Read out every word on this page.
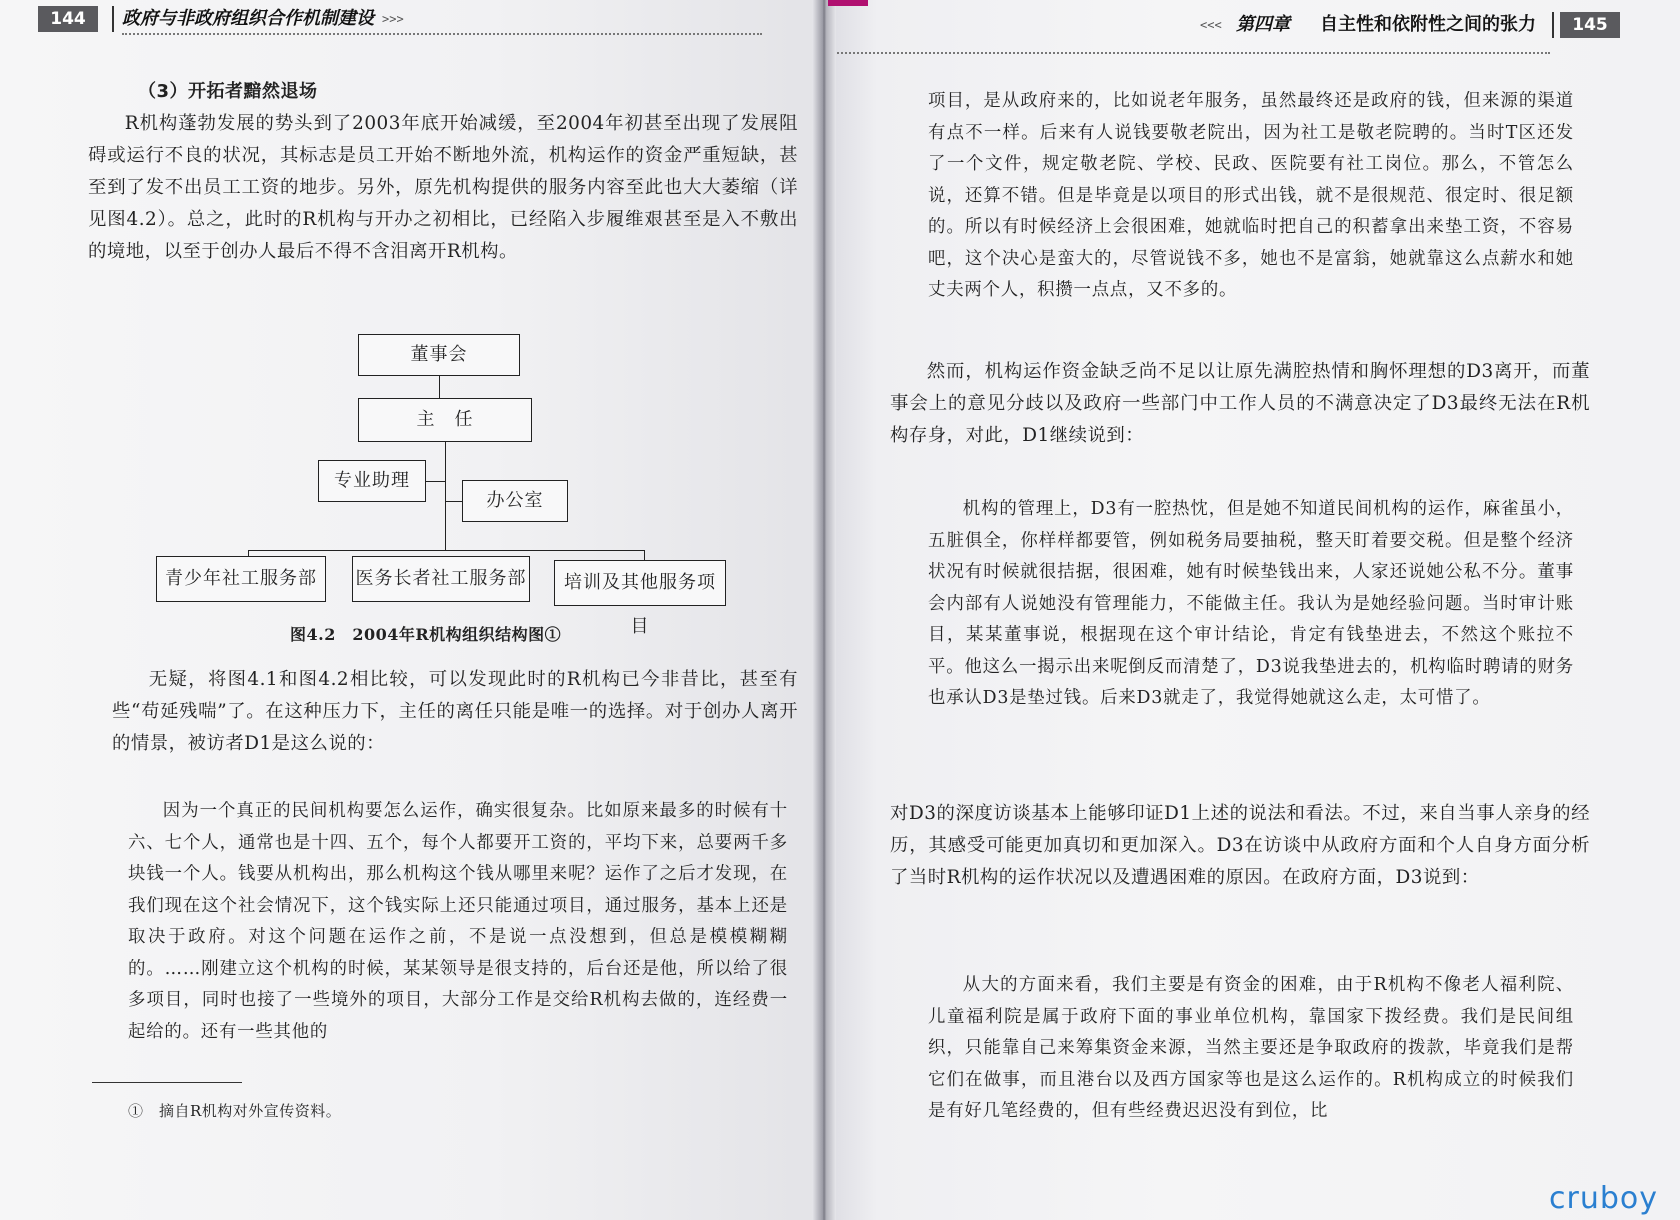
144	政府与非政府组织合作机制建设 >>>

（3）开拓者黯然退场

R机构蓬勃发展的势头到了2003年底开始减缓，至2004年初甚至出现了发展阻碍或运行不良的状况，其标志是员工开始不断地外流，机构运作的资金严重短缺，甚至到了发不出员工工资的地步。另外，原先机构提供的服务内容至此也大大萎缩（详见图4.2）。总之，此时的R机构与开办之初相比，已经陷入步履维艰甚至是入不敷出的境地，以至于创办人最后不得不含泪离开R机构。

董事会
主　任
专业助理
办公室
青少年社工服务部	医务长者社工服务部	培训及其他服务项目
图4.2　2004年R机构组织结构图①

无疑，将图4.1和图4.2相比较，可以发现此时的R机构已今非昔比，甚至有些“苟延残喘”了。在这种压力下，主任的离任只能是唯一的选择。对于创办人离开的情景，被访者D1是这么说的：

因为一个真正的民间机构要怎么运作，确实很复杂。比如原来最多的时候有十六、七个人，通常也是十四、五个，每个人都要开工资的，平均下来，总要两千多块钱一个人。钱要从机构出，那么机构这个钱从哪里来呢？运作了之后才发现，在我们现在这个社会情况下，这个钱实际上还只能通过项目，通过服务，基本上还是取决于政府。对这个问题在运作之前，不是说一点没想到，但总是模模糊糊的。……刚建立这个机构的时候，某某领导是很支持的，后台还是他，所以给了很多项目，同时也接了一些境外的项目，大部分工作是交给R机构去做的，连经费一起给的。还有一些其他的

①　摘自R机构对外宣传资料。
<<< 第四章 自主性和依附性之间的张力	145

项目，是从政府来的，比如说老年服务，虽然最终还是政府的钱，但来源的渠道有点不一样。后来有人说钱要敬老院出，因为社工是敬老院聘的。当时T区还发了一个文件，规定敬老院、学校、民政、医院要有社工岗位。那么，不管怎么说，还算不错。但是毕竟是以项目的形式出钱，就不是很规范、很定时、很足额的。所以有时候经济上会很困难，她就临时把自己的积蓄拿出来垫工资，不容易吧，这个决心是蛮大的，尽管说钱不多，她也不是富翁，她就靠这么点薪水和她丈夫两个人，积攒一点点，又不多的。

然而，机构运作资金缺乏尚不足以让原先满腔热情和胸怀理想的D3离开，而董事会上的意见分歧以及政府一些部门中工作人员的不满意决定了D3最终无法在R机构存身，对此，D1继续说到：

机构的管理上，D3有一腔热忱，但是她不知道民间机构的运作，麻雀虽小，五脏俱全，你样样都要管，例如税务局要抽税，整天盯着要交税。但是整个经济状况有时候就很拮据，很困难，她有时候垫钱出来，人家还说她公私不分。董事会内部有人说她没有管理能力，不能做主任。我认为是她经验问题。当时审计账目，某某董事说，根据现在这个审计结论，肯定有钱垫进去，不然这个账拉不平。他这么一揭示出来呢倒反而清楚了，D3说我垫进去的，机构临时聘请的财务也承认D3是垫过钱。后来D3就走了，我觉得她就这么走，太可惜了。

对D3的深度访谈基本上能够印证D1上述的说法和看法。不过，来自当事人亲身的经历，其感受可能更加真切和更加深入。D3在访谈中从政府方面和个人自身方面分析了当时R机构的运作状况以及遭遇困难的原因。在政府方面，D3说到：

从大的方面来看，我们主要是有资金的困难，由于R机构不像老人福利院、儿童福利院是属于政府下面的事业单位机构，靠国家下拨经费。我们是民间组织，只能靠自己来筹集资金来源，当然主要还是争取政府的拨款，毕竟我们是帮它们在做事，而且港台以及西方国家等也是这么运作的。R机构成立的时候我们是有好几笔经费的，但有些经费迟迟没有到位，比

cruboy
